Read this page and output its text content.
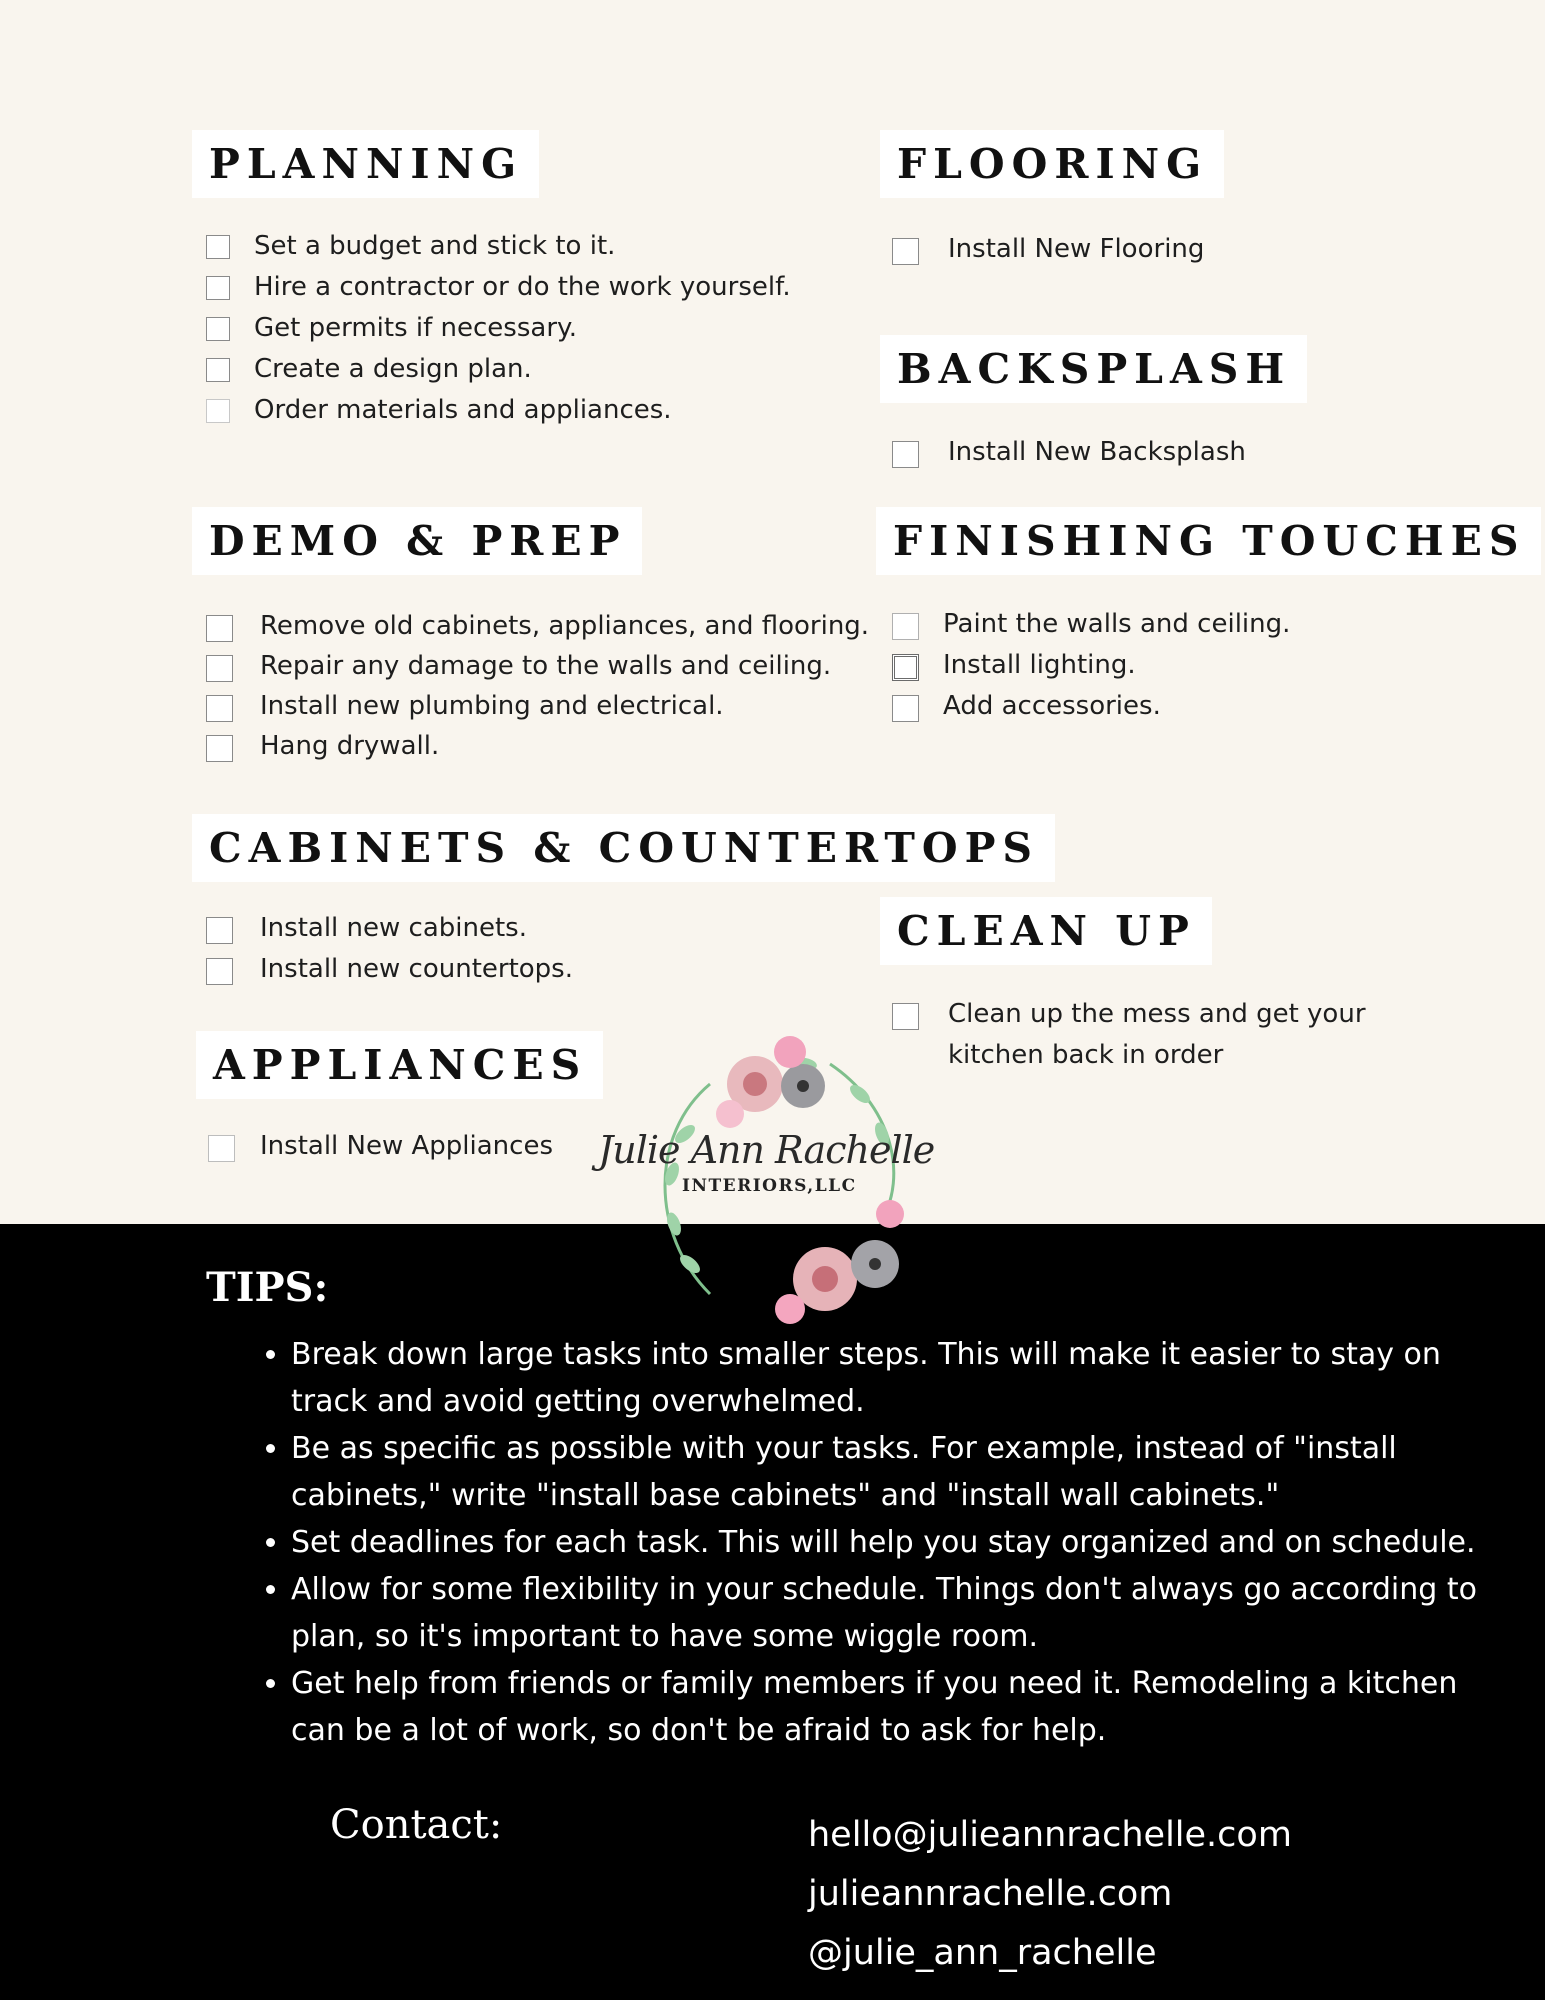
PLANNING
Set a budget and stick to it.
Hire a contractor or do the work yourself.
Get permits if necessary.
Create a design plan.
Order materials and appliances.
FLOORING
Install New Flooring
BACKSPLASH
Install New Backsplash
DEMO & PREP
Remove old cabinets, appliances, and flooring.
Repair any damage to the walls and ceiling.
Install new plumbing and electrical.
Hang drywall.
FINISHING TOUCHES
Paint the walls and ceiling.
Install lighting.
Add accessories.
CABINETS & COUNTERTOPS
Install new cabinets.
Install new countertops.
CLEAN UP
Clean up the mess and get your
kitchen back in order
APPLIANCES
Install New Appliances Julie Ann Rachelle
INTERIORS,LLC
TIPS:
• Break down large tasks into smaller steps. This will make it easier to stay on track and avoid getting overwhelmed.
• Be as specific as possible with your tasks. For example, instead of "install cabinets," write "install base cabinets" and "install wall cabinets."
• Set deadlines for each task. This will help you stay organized and on schedule.
• Allow for some flexibility in your schedule. Things don't always go according to plan, so it's important to have some wiggle room.
• Get help from friends or family members if you need it. Remodeling a kitchen can be a lot of work, so don't be afraid to ask for help.
Contact:	hello@julieannrachelle.com
julieannrachelle.com
@julie_ann_rachelle
